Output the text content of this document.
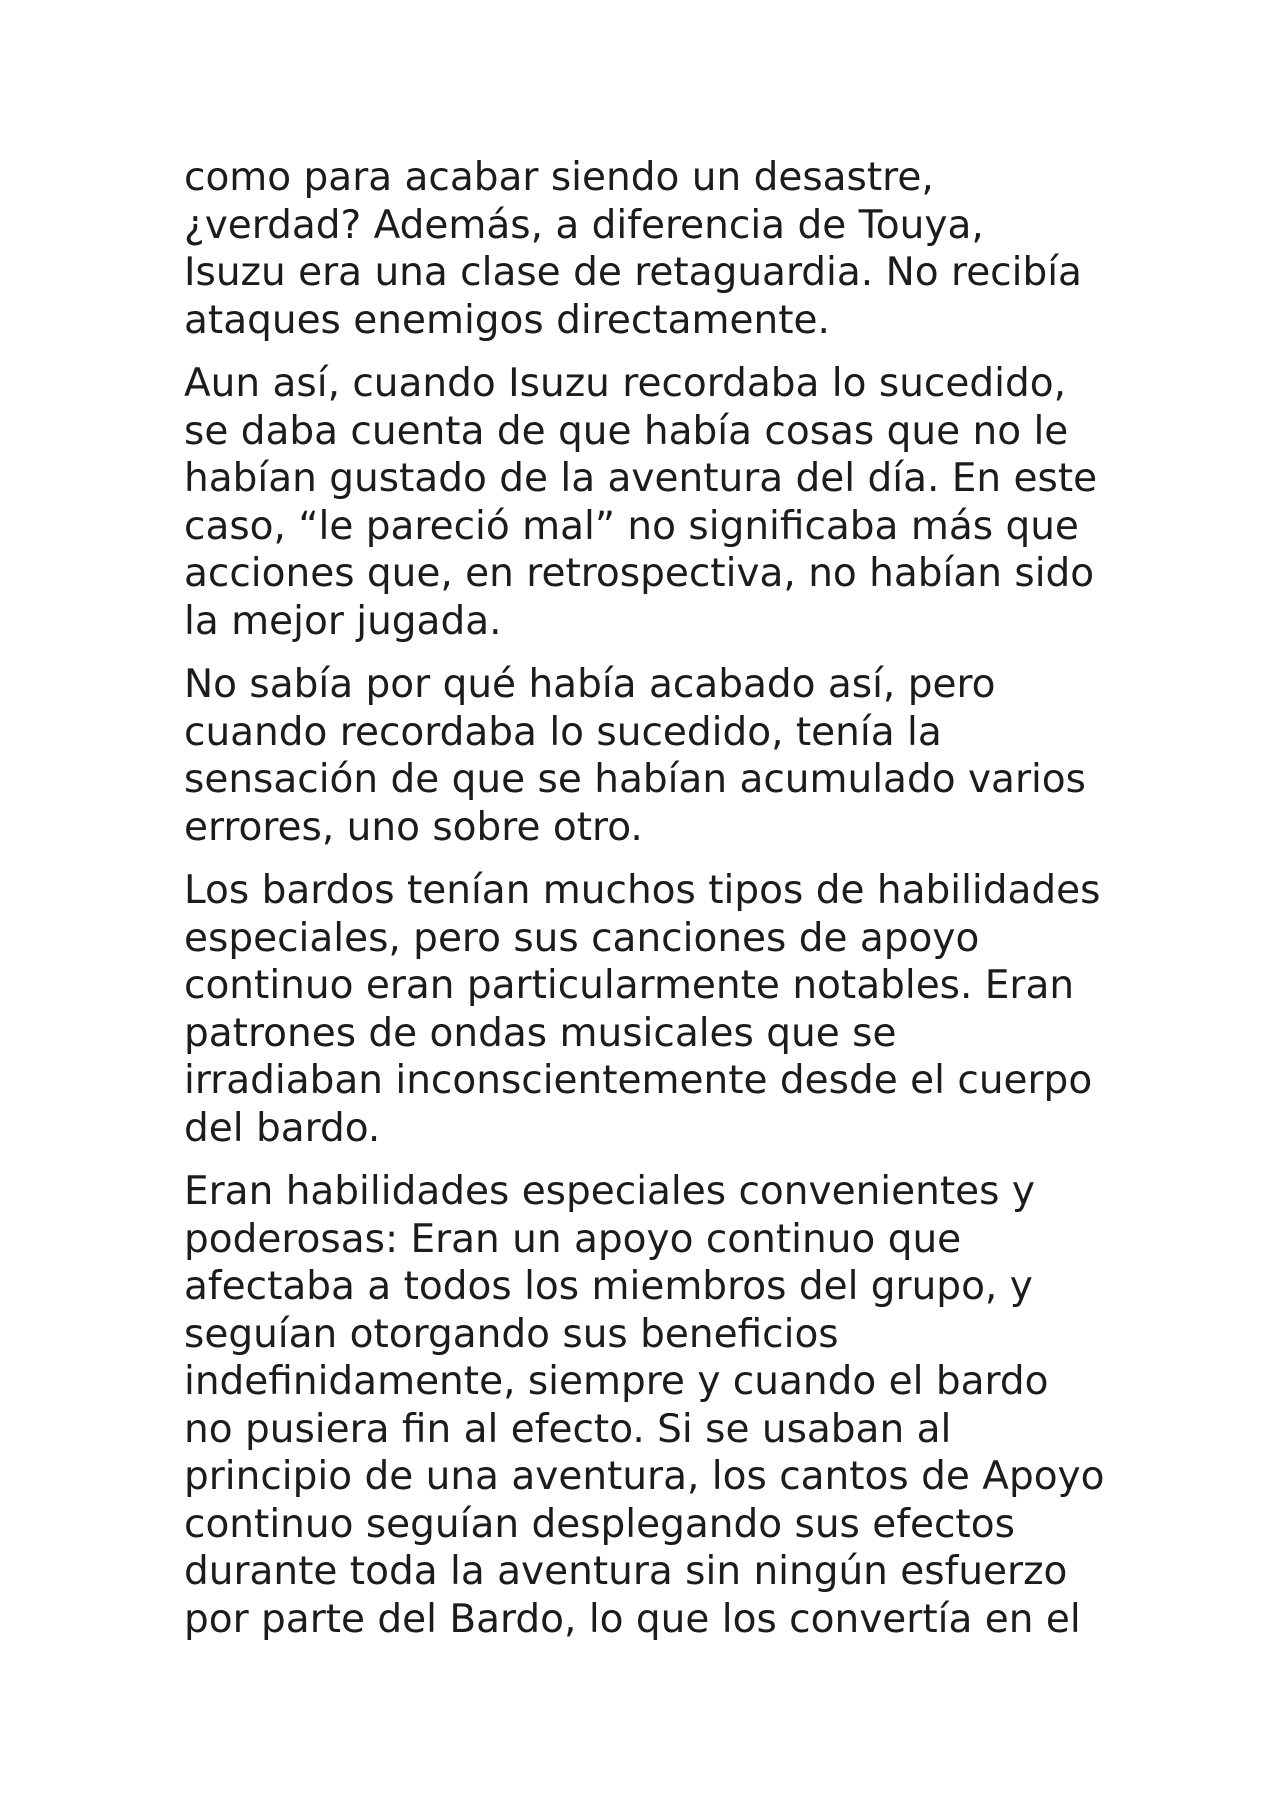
como para acabar siendo un desastre,
¿verdad? Además, a diferencia de Touya,
Isuzu era una clase de retaguardia. No recibía
ataques enemigos directamente.

Aun así, cuando Isuzu recordaba lo sucedido,
se daba cuenta de que había cosas que no le
habían gustado de la aventura del día. En este
caso, “le pareció mal” no significaba más que
acciones que, en retrospectiva, no habían sido
la mejor jugada.

No sabía por qué había acabado así, pero
cuando recordaba lo sucedido, tenía la
sensación de que se habían acumulado varios
errores, uno sobre otro.

Los bardos tenían muchos tipos de habilidades
especiales, pero sus canciones de apoyo
continuo eran particularmente notables. Eran
patrones de ondas musicales que se
irradiaban inconscientemente desde el cuerpo
del bardo.

Eran habilidades especiales convenientes y
poderosas: Eran un apoyo continuo que
afectaba a todos los miembros del grupo, y
seguían otorgando sus beneficios
indefinidamente, siempre y cuando el bardo
no pusiera fin al efecto. Si se usaban al
principio de una aventura, los cantos de Apoyo
continuo seguían desplegando sus efectos
durante toda la aventura sin ningún esfuerzo
por parte del Bardo, lo que los convertía en el
